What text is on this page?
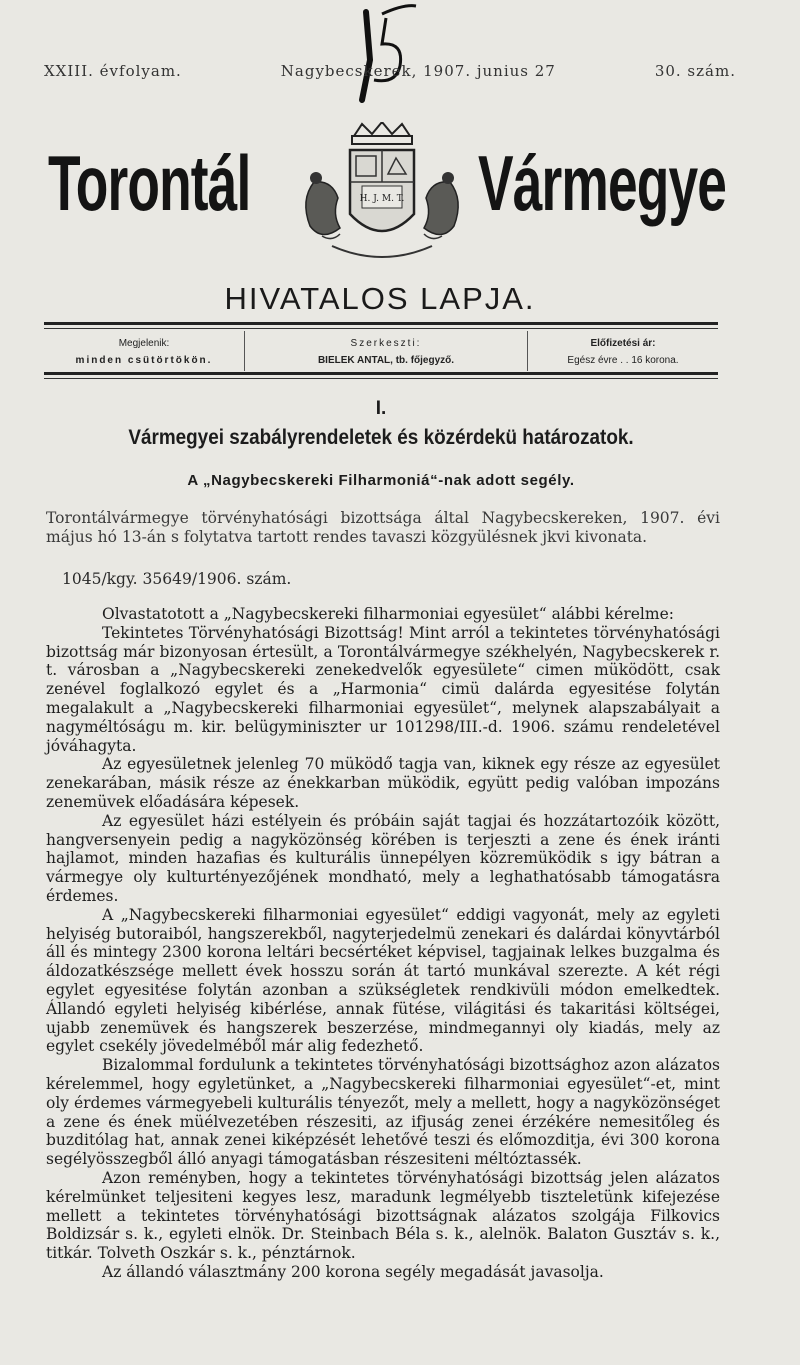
XXIII. évfolyam.	Nagybecskerek, 1907. junius 27	30. szám.
Torontál	H. J. M. T. Vármegye
HIVATALOS LAPJA.
Megjelenik:
minden csütörtökön.
Szerkeszti:
BIELEK ANTAL, tb. főjegyző.
Előfizetési ár:
Egész évre . . 16 korona.
I.
Vármegyei szabályrendeletek és közérdekü határozatok.
A „Nagybecskereki Filharmoniá“-nak adott segély.
Torontálvármegye törvényhatósági bizottsága által Nagybecskereken, 1907. évi május hó 13-án s folytatva tartott rendes tavaszi közgyülésnek jkvi kivonata.
1045/kgy. 35649/1906. szám.

Olvastatotott a „Nagybecskereki filharmoniai egyesület“ alábbi kérelme:

Tekintetes Törvényhatósági Bizottság! Mint arról a tekintetes törvényhatósági bizottság már bizonyosan értesült, a Torontálvármegye székhelyén, Nagybecskerek r. t. városban a „Nagybecskereki zenekedvelők egyesülete“ cimen müködött, csak zenével foglalkozó egylet és a „Harmonia“ cimü dalárda egyesitése folytán megalakult a „Nagybecskereki filharmoniai egyesület“, melynek alapszabályait a nagyméltóságu m. kir. belügyminiszter ur 101298/III.-d. 1906. számu rendeletével jóváhagyta.

Az egyesületnek jelenleg 70 müködő tagja van, kiknek egy része az egyesület zenekarában, másik része az énekkarban müködik, együtt pedig valóban impozáns zenemüvek előadására képesek.

Az egyesület házi estélyein és próbáin saját tagjai és hozzátartozóik között, hangversenyein pedig a nagyközönség körében is terjeszti a zene és ének iránti hajlamot, minden hazafias és kulturális ünnepélyen közremüködik s igy bátran a vármegye oly kulturtényezőjének mondható, mely a leghathatósabb támogatásra érdemes.

A „Nagybecskereki filharmoniai egyesület“ eddigi vagyonát, mely az egyleti helyiség butoraiból, hangszerekből, nagyterjedelmü zenekari és dalárdai könyvtárból áll és mintegy 2300 korona leltári becsértéket képvisel, tagjainak lelkes buzgalma és áldozatkészsége mellett évek hosszu során át tartó munkával szerezte. A két régi egylet egyesitése folytán azonban a szükségletek rendkivüli módon emelkedtek. Állandó egyleti helyiség kibérlése, annak fütése, világitási és takaritási költségei, ujabb zenemüvek és hangszerek beszerzése, mindmegannyi oly kiadás, mely az egylet csekély jövedelméből már alig fedezhető.

Bizalommal fordulunk a tekintetes törvényhatósági bizottsághoz azon alázatos kérelemmel, hogy egyletünket, a „Nagybecskereki filharmoniai egyesület“-et, mint oly érdemes vármegyebeli kulturális tényezőt, mely a mellett, hogy a nagyközönséget a zene és ének müélvezetében részesiti, az ifjuság zenei érzékére nemesitőleg és buzditólag hat, annak zenei kiképzését lehetővé teszi és előmozditja, évi 300 korona segélyösszegből álló anyagi támogatásban részesiteni méltóztassék.

Azon reményben, hogy a tekintetes törvényhatósági bizottság jelen alázatos kérelmünket teljesiteni kegyes lesz, maradunk legmélyebb tiszteletünk kifejezése mellett a tekintetes törvényhatósági bizottságnak alázatos szolgája Filkovics Boldizsár s. k., egyleti elnök. Dr. Steinbach Béla s. k., alelnök. Balaton Gusztáv s. k., titkár. Tolveth Oszkár s. k., pénztárnok.

Az állandó választmány 200 korona segély megadását javasolja.
